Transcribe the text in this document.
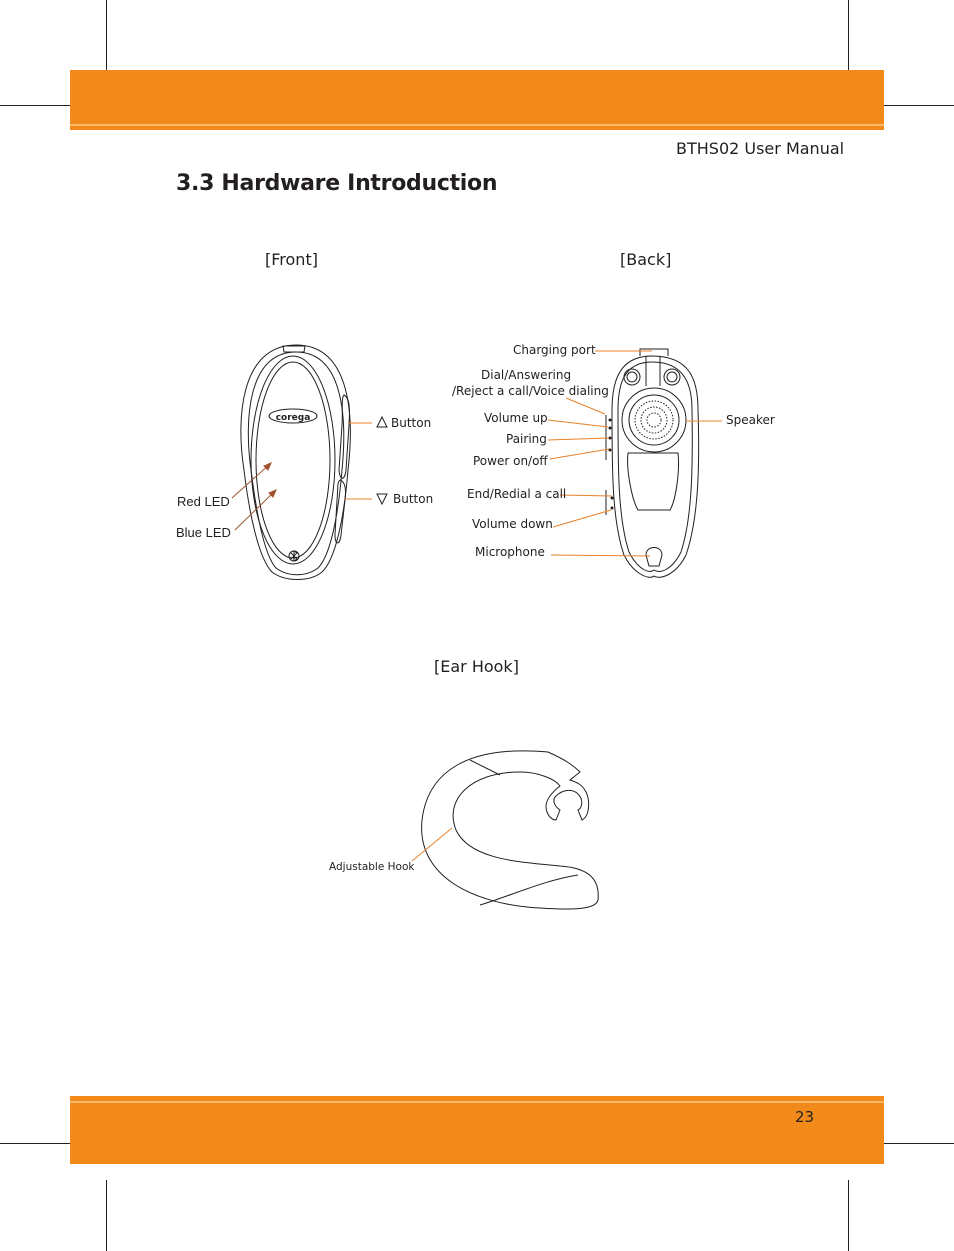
BTHS02 User Manual
3.3 Hardware Introduction
[Front]	[Back]
[Ear Hook]
corega	Button
Button
Red LED
Blue LED
Charging port
Dial/Answering
/Reject a call/Voice dialing
Volume up
Pairing
Power on/off
End/Redial a call
Volume down
Microphone
Speaker
Adjustable Hook
23
